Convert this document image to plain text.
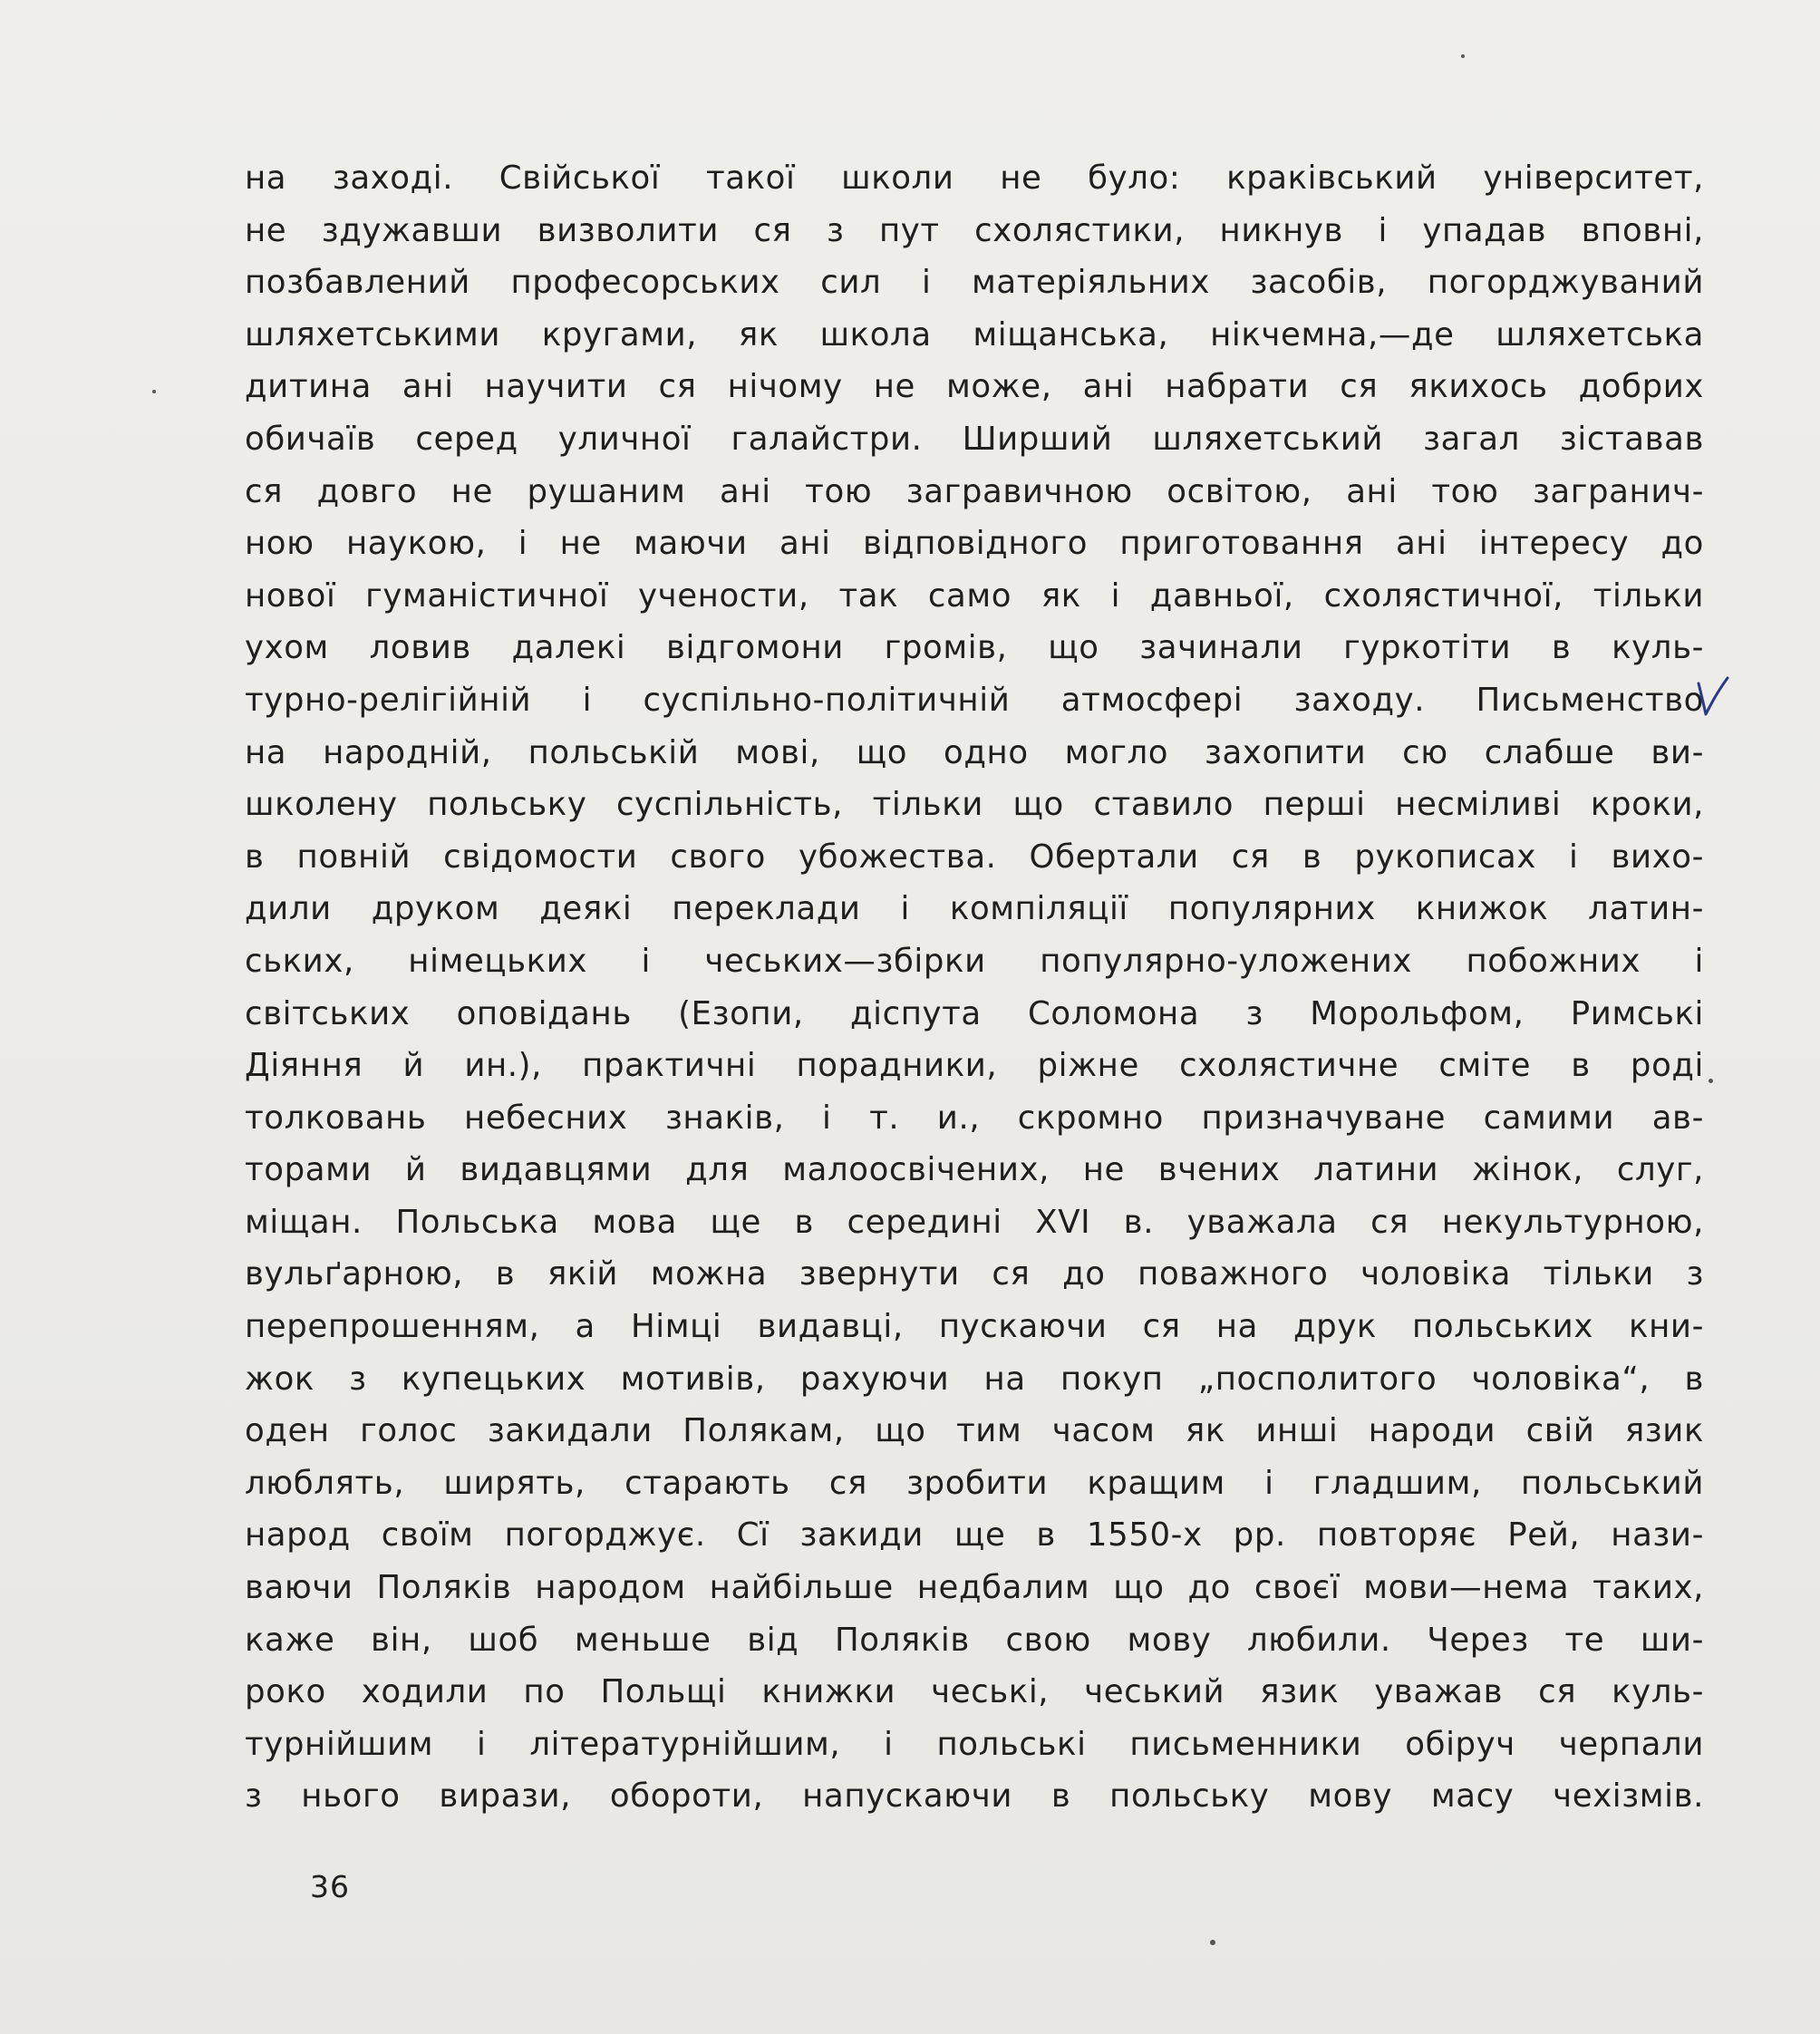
на заході. Свійської такої школи не було: краківський університет,
не здужавши визволити ся з пут схолястики, никнув і упадав вповні,
позбавлений професорських сил і матеріяльних засобів, погорджуваний
шляхетськими кругами, як школа міщанська, нікчемна,—де шляхетська
дитина ані научити ся нічому не може, ані набрати ся якихось добрих
обичаїв серед уличної галайстри. Ширший шляхетський загал зіставав
ся довго не рушаним ані тою загравичною освітою, ані тою загранич-
ною наукою, і не маючи ані відповідного приготовання ані інтересу до
нової гуманістичної учености, так само як і давньої, схолястичної, тільки
ухом ловив далекі відгомони громів, що зачинали гуркотіти в куль-
турно-релігійній і суспільно-політичній атмосфері заходу. Письменство
на народній, польській мові, що одно могло захопити сю слабше ви-
школену польську суспільність, тільки що ставило перші несміливі кроки,
в повній свідомости свого убожества. Обертали ся в рукописах і вихо-
дили друком деякі переклади і компіляції популярних книжок латин-
ських, німецьких і чеських—збірки популярно-уложених побожних і
світських оповідань (Езопи, діспута Соломона з Морольфом, Римські
Діяння й ин.), практичні порадники, ріжне схолястичне сміте в роді
толковань небесних знаків, і т. и., скромно призначуване самими ав-
торами й видавцями для малоосвічених, не вчених латини жінок, слуг,
міщан. Польська мова ще в середині XVI в. уважала ся некультурною,
вульґарною, в якій можна звернути ся до поважного чоловіка тільки з
перепрошенням, а Німці видавці, пускаючи ся на друк польських кни-
жок з купецьких мотивів, рахуючи на покуп „посполитого чоловіка“, в
оден голос закидали Полякам, що тим часом як инші народи свій язик
люблять, ширять, старають ся зробити кращим і гладшим, польський
народ своїм погорджує. Сї закиди ще в 1550-х рр. повторяє Рей, нази-
ваючи Поляків народом найбільше недбалим що до своєї мови—нема таких,
каже він, шоб меньше від Поляків свою мову любили. Через те ши-
роко ходили по Польщі книжки чеські, чеський язик уважав ся куль-
турнійшим і літературнійшим, і польські письменники обіруч черпали
з нього вирази, обороти, напускаючи в польську мову масу чехізмів.
36
